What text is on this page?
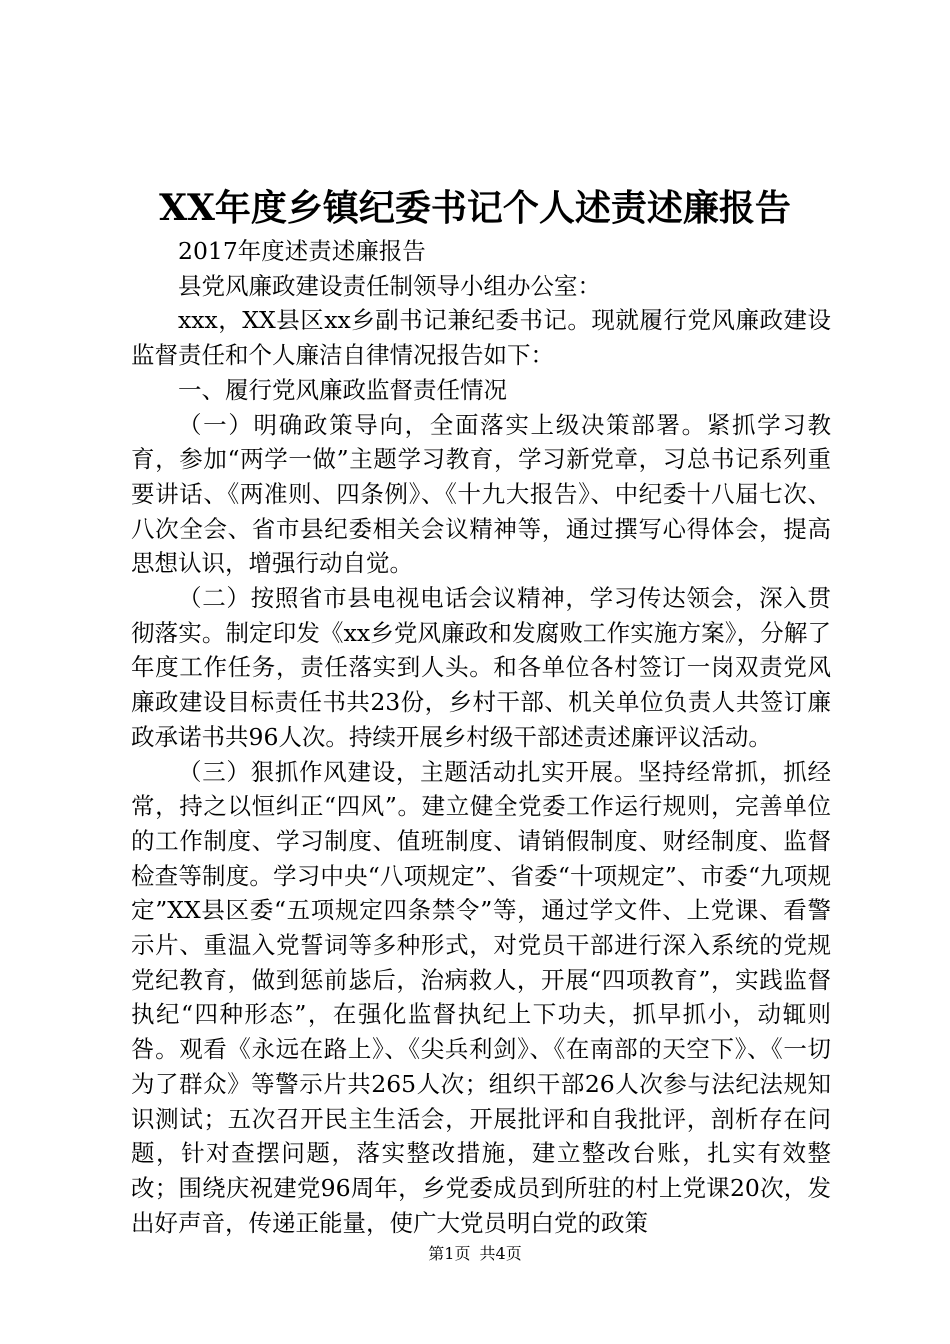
XX年度乡镇纪委书记个人述责述廉报告

2017年度述责述廉报告

县党风廉政建设责任制领导小组办公室：

xxx，XX县区xx乡副书记兼纪委书记。现就履行党风廉政建设监督责任和个人廉洁自律情况报告如下：

一、履行党风廉政监督责任情况

（一）明确政策导向，全面落实上级决策部署。紧抓学习教育，参加“两学一做”主题学习教育，学习新党章，习总书记系列重要讲话、《两准则、四条例》、《十九大报告》、中纪委十八届七次、八次全会、省市县纪委相关会议精神等，通过撰写心得体会，提高思想认识，增强行动自觉。

（二）按照省市县电视电话会议精神，学习传达领会，深入贯彻落实。制定印发《xx乡党风廉政和发腐败工作实施方案》，分解了年度工作任务，责任落实到人头。和各单位各村签订一岗双责党风廉政建设目标责任书共23份，乡村干部、机关单位负责人共签订廉政承诺书共96人次。持续开展乡村级干部述责述廉评议活动。

（三）狠抓作风建设，主题活动扎实开展。坚持经常抓，抓经常，持之以恒纠正“四风”。建立健全党委工作运行规则，完善单位的工作制度、学习制度、值班制度、请销假制度、财经制度、监督检查等制度。学习中央“八项规定”、省委“十项规定”、市委“九项规定”XX县区委“五项规定四条禁令”等，通过学文件、上党课、看警示片、重温入党誓词等多种形式，对党员干部进行深入系统的党规党纪教育，做到惩前毖后，治病救人，开展“四项教育”，实践监督执纪“四种形态”，在强化监督执纪上下功夫，抓早抓小，动辄则咎。观看《永远在路上》、《尖兵利剑》、《在南部的天空下》、《一切为了群众》等警示片共265人次；组织干部26人次参与法纪法规知识测试；五次召开民主生活会，开展批评和自我批评，剖析存在问题，针对查摆问题，落实整改措施，建立整改台账，扎实有效整改；围绕庆祝建党96周年，乡党委成员到所驻的村上党课20次，发出好声音，传递正能量，使广大党员明白党的政策

第1页 共4页
